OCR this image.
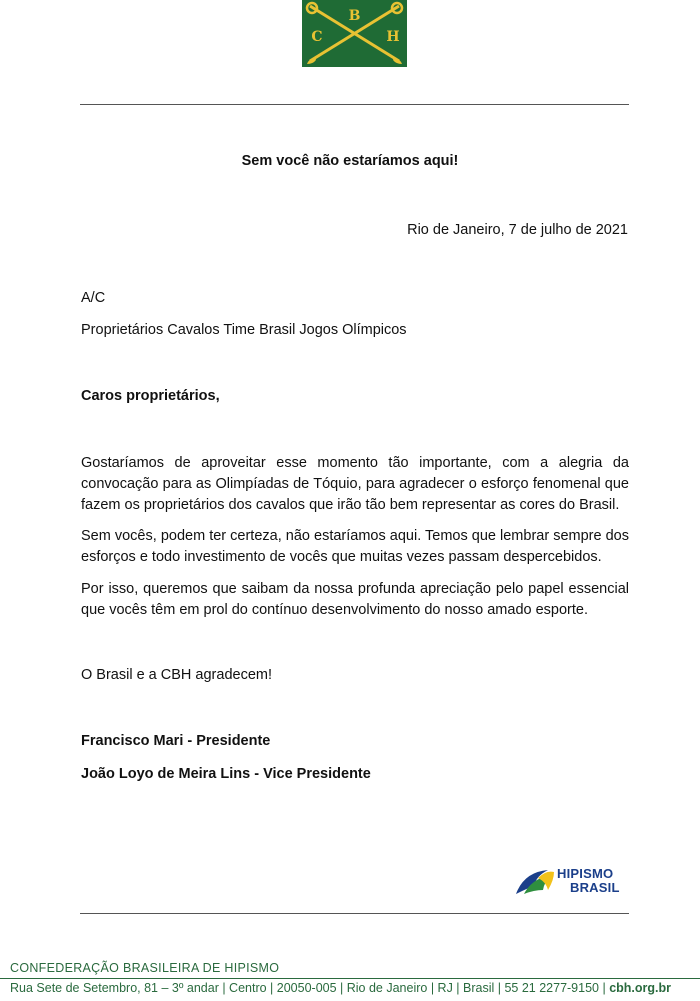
B
C	H
Sem você não estaríamos aqui!
Rio de Janeiro, 7 de julho de 2021
A/C
Proprietários Cavalos Time Brasil Jogos Olímpicos
Caros proprietários,
Gostaríamos de aproveitar esse momento tão importante, com a alegria da convocação para as Olimpíadas de Tóquio, para agradecer o esforço fenomenal que fazem os proprietários dos cavalos que irão tão bem representar as cores do Brasil.
Sem vocês, podem ter certeza, não estaríamos aqui. Temos que lembrar sempre dos esforços e todo investimento de vocês que muitas vezes passam despercebidos.
Por isso, queremos que saibam da nossa profunda apreciação pelo papel essencial que vocês têm em prol do contínuo desenvolvimento do nosso amado esporte.
O Brasil e a CBH agradecem!
Francisco Mari - Presidente
João Loyo de Meira Lins - Vice Presidente
HIPISMO
BRASIL
CONFEDERAÇÃO BRASILEIRA DE HIPISMO
Rua Sete de Setembro, 81 – 3º andar | Centro | 20050-005 | Rio de Janeiro | RJ | Brasil | 55 21 2277-9150 | cbh.org.br
